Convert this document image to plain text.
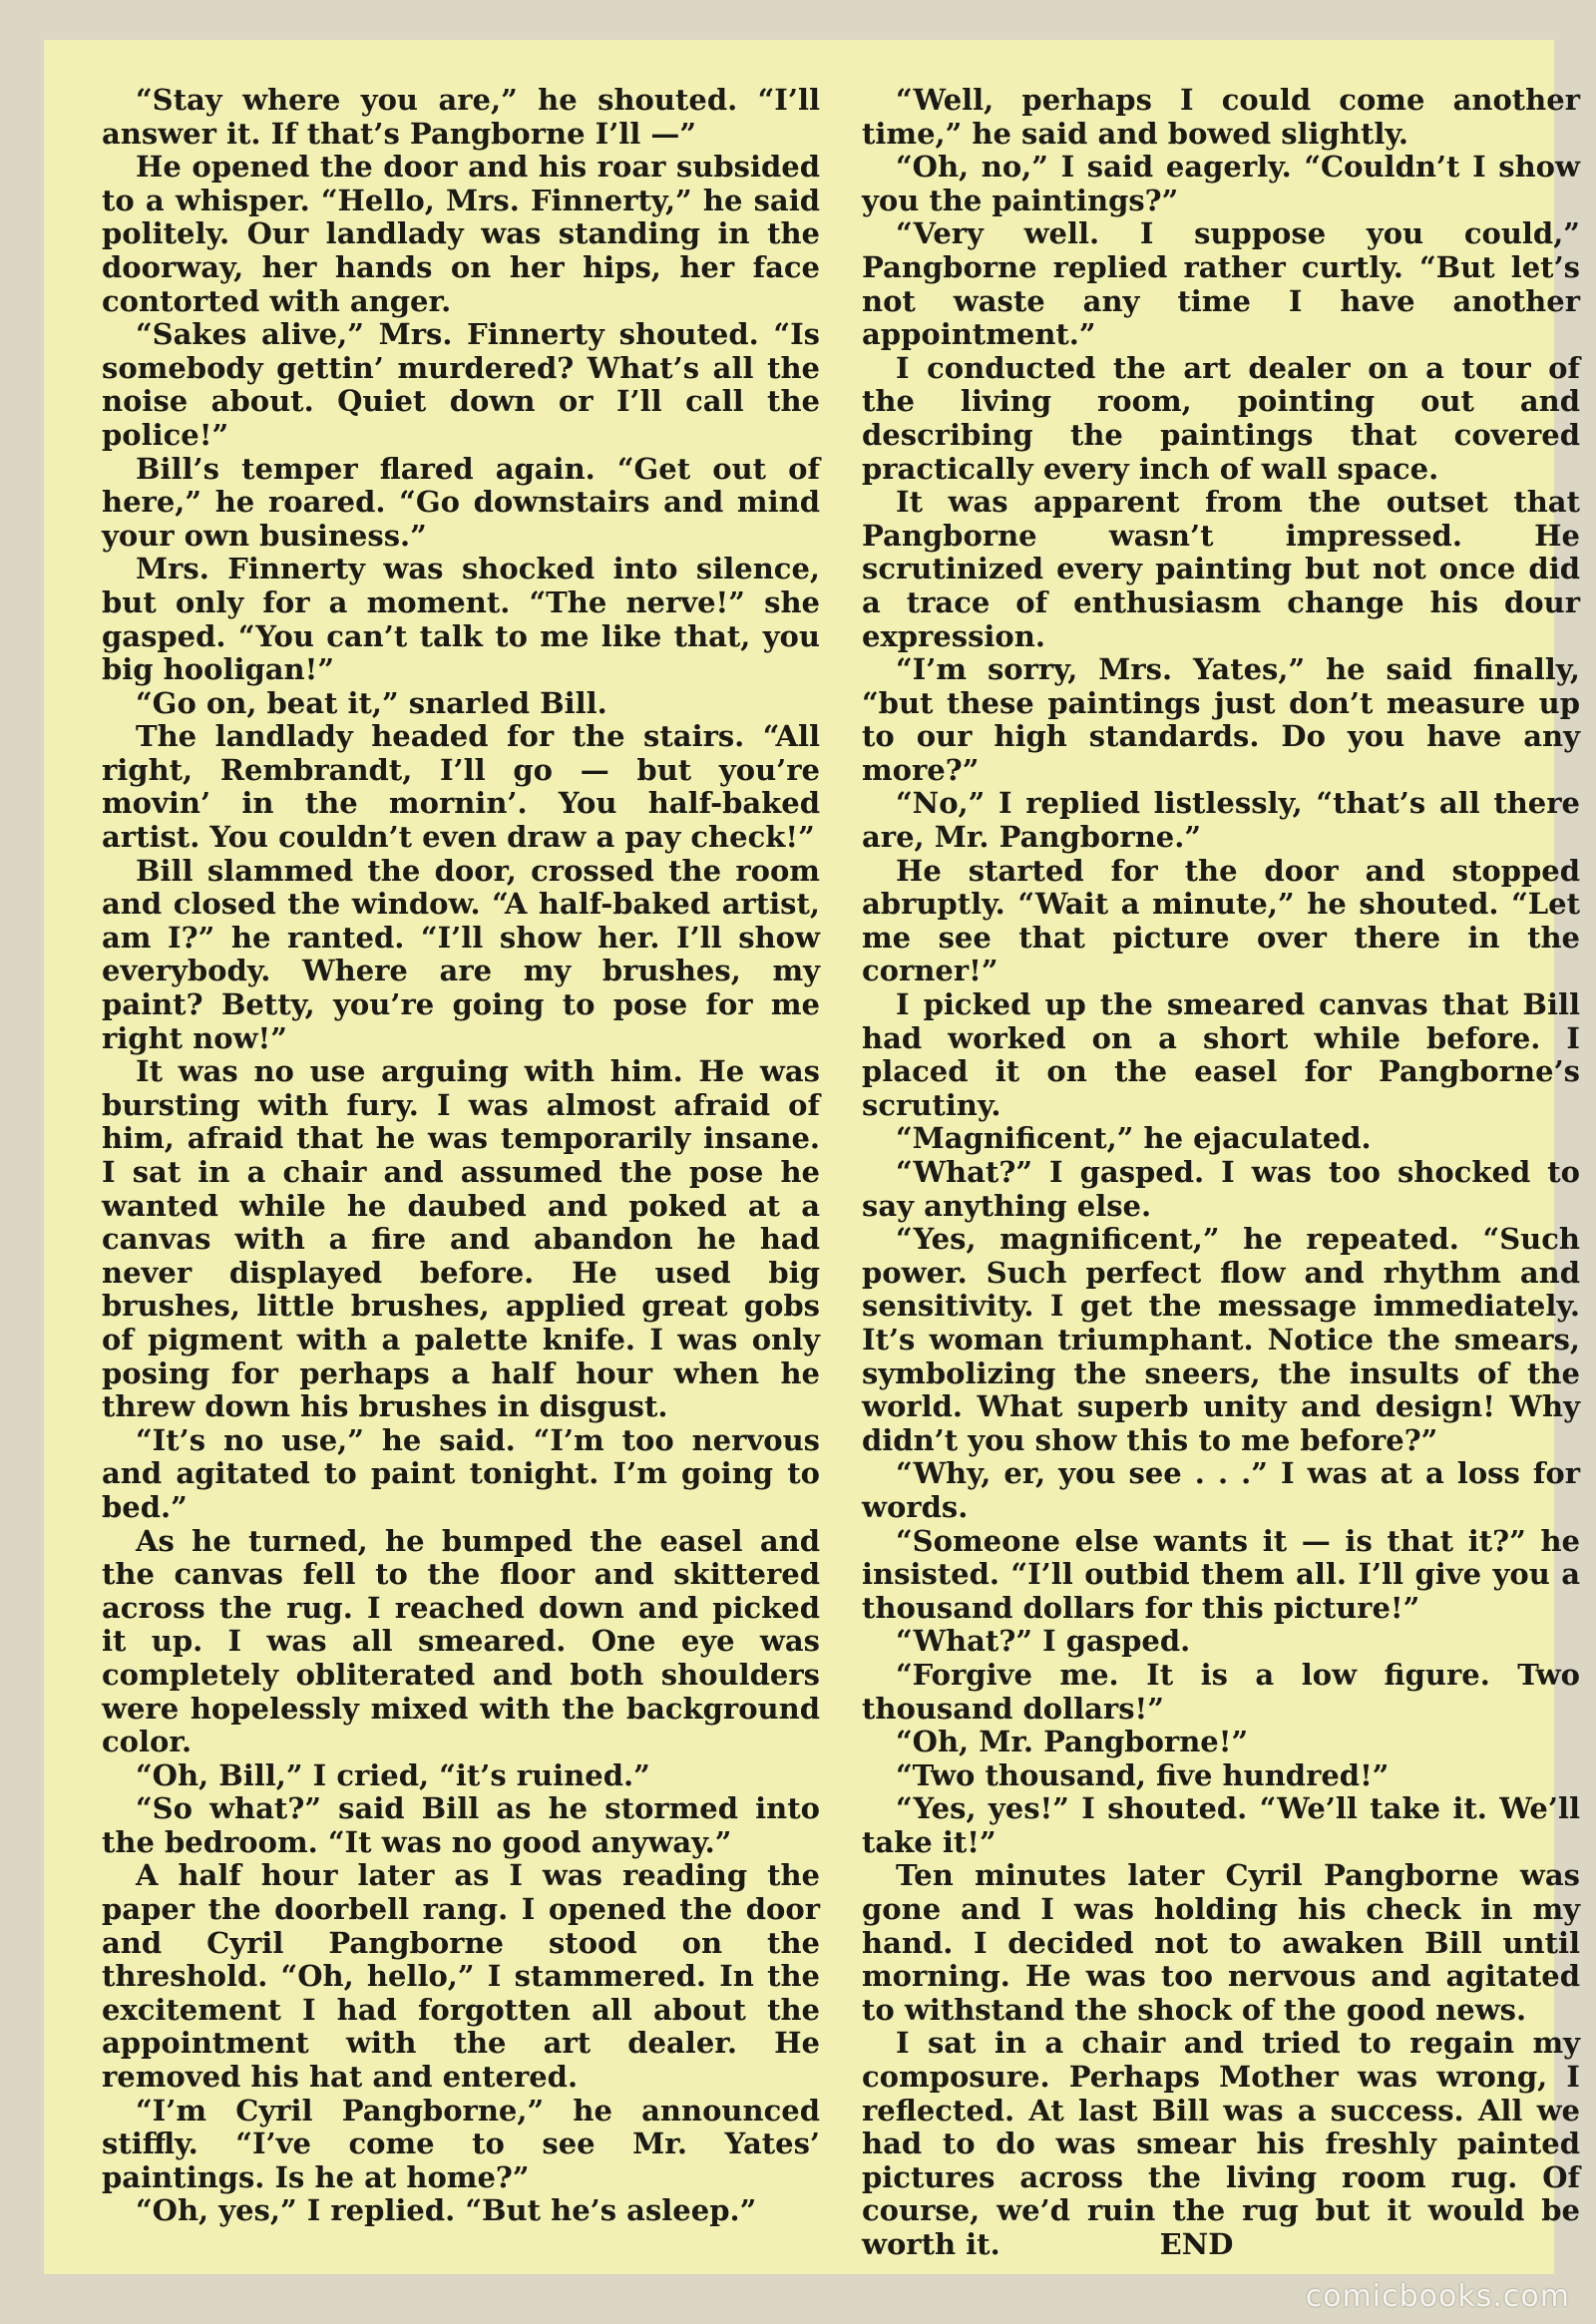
“Stay where you are,” he shouted. “I’ll answer it. If that’s Pangborne I’ll —”

He opened the door and his roar subsided to a whisper. “Hello, Mrs. Finnerty,” he said politely. Our landlady was standing in the doorway, her hands on her hips, her face contorted with anger.

“Sakes alive,” Mrs. Finnerty shouted. “Is somebody gettin’ murdered? What’s all the noise about. Quiet down or I’ll call the police!”

Bill’s temper flared again. “Get out of here,” he roared. “Go downstairs and mind your own business.”

Mrs. Finnerty was shocked into silence, but only for a moment. “The nerve!” she gasped. “You can’t talk to me like that, you big hooligan!”

“Go on, beat it,” snarled Bill.

The landlady headed for the stairs. “All right, Rembrandt, I’ll go — but you’re movin’ in the mornin’. You half-baked artist. You couldn’t even draw a pay check!”

Bill slammed the door, crossed the room and closed the window. “A half-baked artist, am I?” he ranted. “I’ll show her. I’ll show everybody. Where are my brushes, my paint? Betty, you’re going to pose for me right now!”

It was no use arguing with him. He was bursting with fury. I was almost afraid of him, afraid that he was temporarily insane. I sat in a chair and assumed the pose he wanted while he daubed and poked at a canvas with a fire and abandon he had never displayed before. He used big brushes, little brushes, applied great gobs of pigment with a palette knife. I was only posing for perhaps a half hour when he threw down his brushes in disgust.

“It’s no use,” he said. “I’m too nervous and agitated to paint tonight. I’m going to bed.”

As he turned, he bumped the easel and the canvas fell to the floor and skittered across the rug. I reached down and picked it up. I was all smeared. One eye was completely obliterated and both shoulders were hopelessly mixed with the background color.

“Oh, Bill,” I cried, “it’s ruined.”

“So what?” said Bill as he stormed into the bedroom. “It was no good anyway.”

A half hour later as I was reading the paper the doorbell rang. I opened the door and Cyril Pangborne stood on the threshold. “Oh, hello,” I stammered. In the excitement I had forgotten all about the appointment with the art dealer. He removed his hat and entered.

“I’m Cyril Pangborne,” he announced stiffly. “I’ve come to see Mr. Yates’ paintings. Is he at home?”

“Oh, yes,” I replied. “But he’s asleep.”

“Well, perhaps I could come another time,” he said and bowed slightly.

“Oh, no,” I said eagerly. “Couldn’t I show you the paintings?”

“Very well. I suppose you could,” Pangborne replied rather curtly. “But let’s not waste any time I have another appointment.”

I conducted the art dealer on a tour of the living room, pointing out and describing the paintings that covered practically every inch of wall space.

It was apparent from the outset that Pangborne wasn’t impressed. He scrutinized every painting but not once did a trace of enthusiasm change his dour expression.

“I’m sorry, Mrs. Yates,” he said finally, “but these paintings just don’t measure up to our high standards. Do you have any more?”

“No,” I replied listlessly, “that’s all there are, Mr. Pangborne.”

He started for the door and stopped abruptly. “Wait a minute,” he shouted. “Let me see that picture over there in the corner!”

I picked up the smeared canvas that Bill had worked on a short while before. I placed it on the easel for Pangborne’s scrutiny.

“Magnificent,” he ejaculated.

“What?” I gasped. I was too shocked to say anything else.

“Yes, magnificent,” he repeated. “Such power. Such perfect flow and rhythm and sensitivity. I get the message immediately. It’s woman triumphant. Notice the smears, symbolizing the sneers, the insults of the world. What superb unity and design! Why didn’t you show this to me before?”

“Why, er, you see . . .” I was at a loss for words.

“Someone else wants it — is that it?” he insisted. “I’ll outbid them all. I’ll give you a thousand dollars for this picture!”

“What?” I gasped.

“Forgive me. It is a low figure. Two thousand dollars!”

“Oh, Mr. Pangborne!”

“Two thousand, five hundred!”

“Yes, yes!” I shouted. “We’ll take it. We’ll take it!”

Ten minutes later Cyril Pangborne was gone and I was holding his check in my hand. I decided not to awaken Bill until morning. He was too nervous and agitated to withstand the shock of the good news.

I sat in a chair and tried to regain my composure. Perhaps Mother was wrong, I reflected. At last Bill was a success. All we had to do was smear his freshly painted pictures across the living room rug. Of course, we’d ruin the rug but it would be worth it.	END

comicbooks.com
